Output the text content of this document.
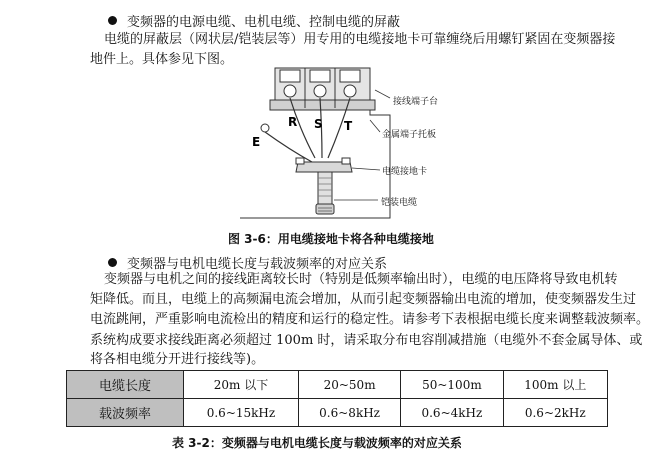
变频器的电源电缆、电机电缆、控制电缆的屏蔽
电缆的屏蔽层（网状层/铠装层等）用专用的电缆接地卡可靠缠绕后用螺钉紧固在变频器接
地件上。具体参见下图。
R S T
E
接线端子台
金属端子托板
电缆接地卡
铠装电缆
图 3-6：用电缆接地卡将各种电缆接地
变频器与电机电缆长度与载波频率的对应关系
变频器与电机之间的接线距离较长时（特别是低频率输出时），电缆的电压降将导致电机转
矩降低。而且，电缆上的高频漏电流会增加，从而引起变频器输出电流的增加，使变频器发生过
电流跳闸，严重影响电流检出的精度和运行的稳定性。请参考下表根据电缆长度来调整载波频率。
系统构成要求接线距离必须超过 100m 时，请采取分布电容削减措施（电缆外不套金属导体、或
将各相电缆分开进行接线等)。
电缆长度	20m 以下	20~50m	50~100m	100m 以上
载波频率	0.6~15kHz	0.6~8kHz	0.6~4kHz	0.6~2kHz
表 3-2：变频器与电机电缆长度与载波频率的对应关系
